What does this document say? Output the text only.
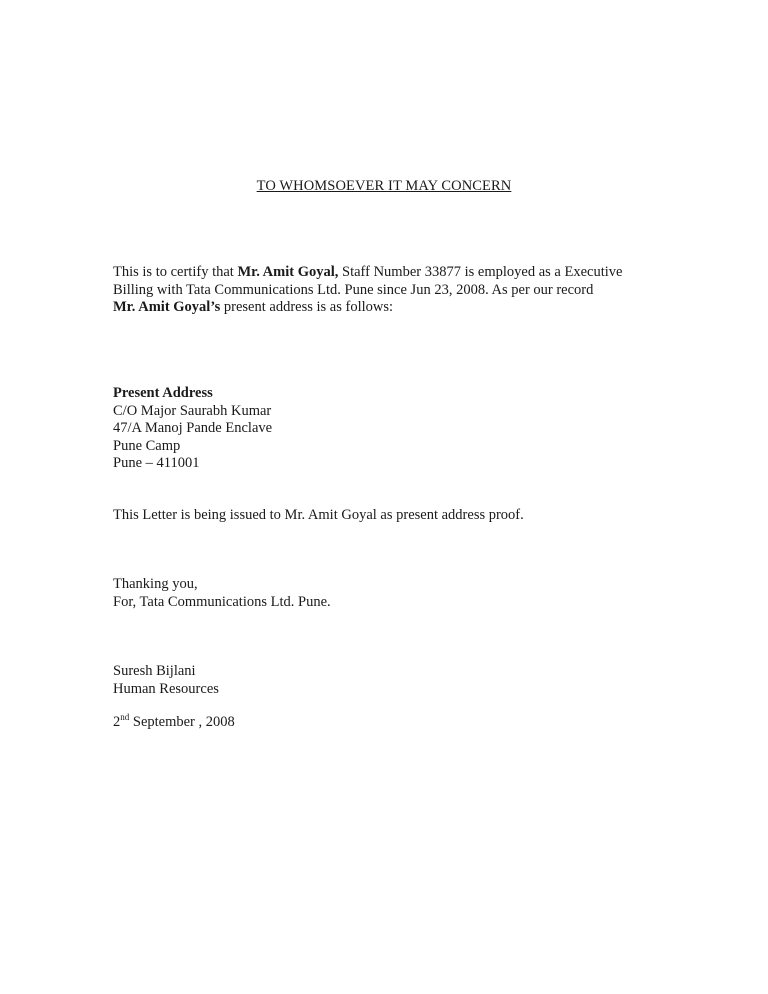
TO WHOMSOEVER IT MAY CONCERN
This is to certify that Mr. Amit Goyal, Staff Number 33877 is employed as a Executive
Billing with Tata Communications Ltd. Pune since Jun 23, 2008. As per our record
Mr. Amit Goyal’s present address is as follows:
Present Address
C/O Major Saurabh Kumar
47/A Manoj Pande Enclave
Pune Camp
Pune – 411001
This Letter is being issued to Mr. Amit Goyal as present address proof.
Thanking you,
For, Tata Communications Ltd. Pune.
Suresh Bijlani
Human Resources
2nd September , 2008
